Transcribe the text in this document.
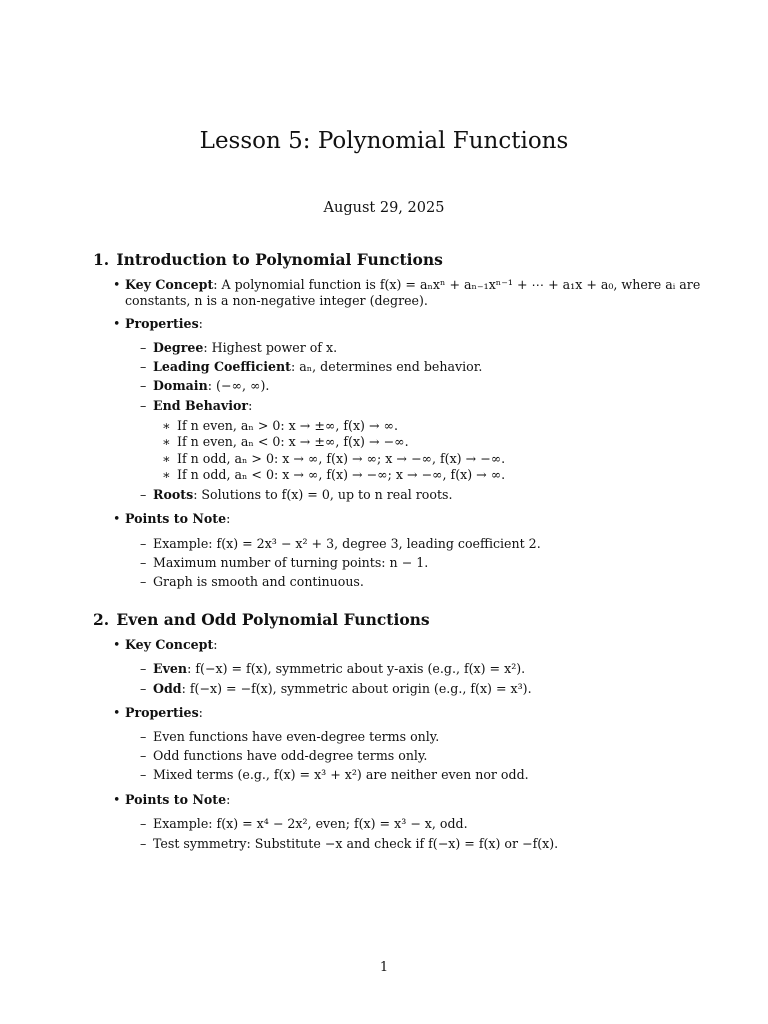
Lesson 5: Polynomial Functions
August 29, 2025
1. Introduction to Polynomial Functions
• Key Concept: A polynomial function is f(x) = aₙxⁿ + aₙ₋₁xⁿ⁻¹ + ⋯ + a₁x + a₀, where aᵢ are
constants, n is a non-negative integer (degree).
• Properties:
– Degree: Highest power of x.
– Leading Coefficient: aₙ, determines end behavior.
– Domain: (−∞, ∞).
– End Behavior:
∗ If n even, aₙ > 0: x → ±∞, f(x) → ∞.
∗ If n even, aₙ < 0: x → ±∞, f(x) → −∞.
∗ If n odd, aₙ > 0: x → ∞, f(x) → ∞; x → −∞, f(x) → −∞.
∗ If n odd, aₙ < 0: x → ∞, f(x) → −∞; x → −∞, f(x) → ∞.
– Roots: Solutions to f(x) = 0, up to n real roots.
• Points to Note:
– Example: f(x) = 2x³ − x² + 3, degree 3, leading coefficient 2.
– Maximum number of turning points: n − 1.
– Graph is smooth and continuous.
2. Even and Odd Polynomial Functions
• Key Concept:
– Even: f(−x) = f(x), symmetric about y-axis (e.g., f(x) = x²).
– Odd: f(−x) = −f(x), symmetric about origin (e.g., f(x) = x³).
• Properties:
– Even functions have even-degree terms only.
– Odd functions have odd-degree terms only.
– Mixed terms (e.g., f(x) = x³ + x²) are neither even nor odd.
• Points to Note:
– Example: f(x) = x⁴ − 2x², even; f(x) = x³ − x, odd.
– Test symmetry: Substitute −x and check if f(−x) = f(x) or −f(x).
1
